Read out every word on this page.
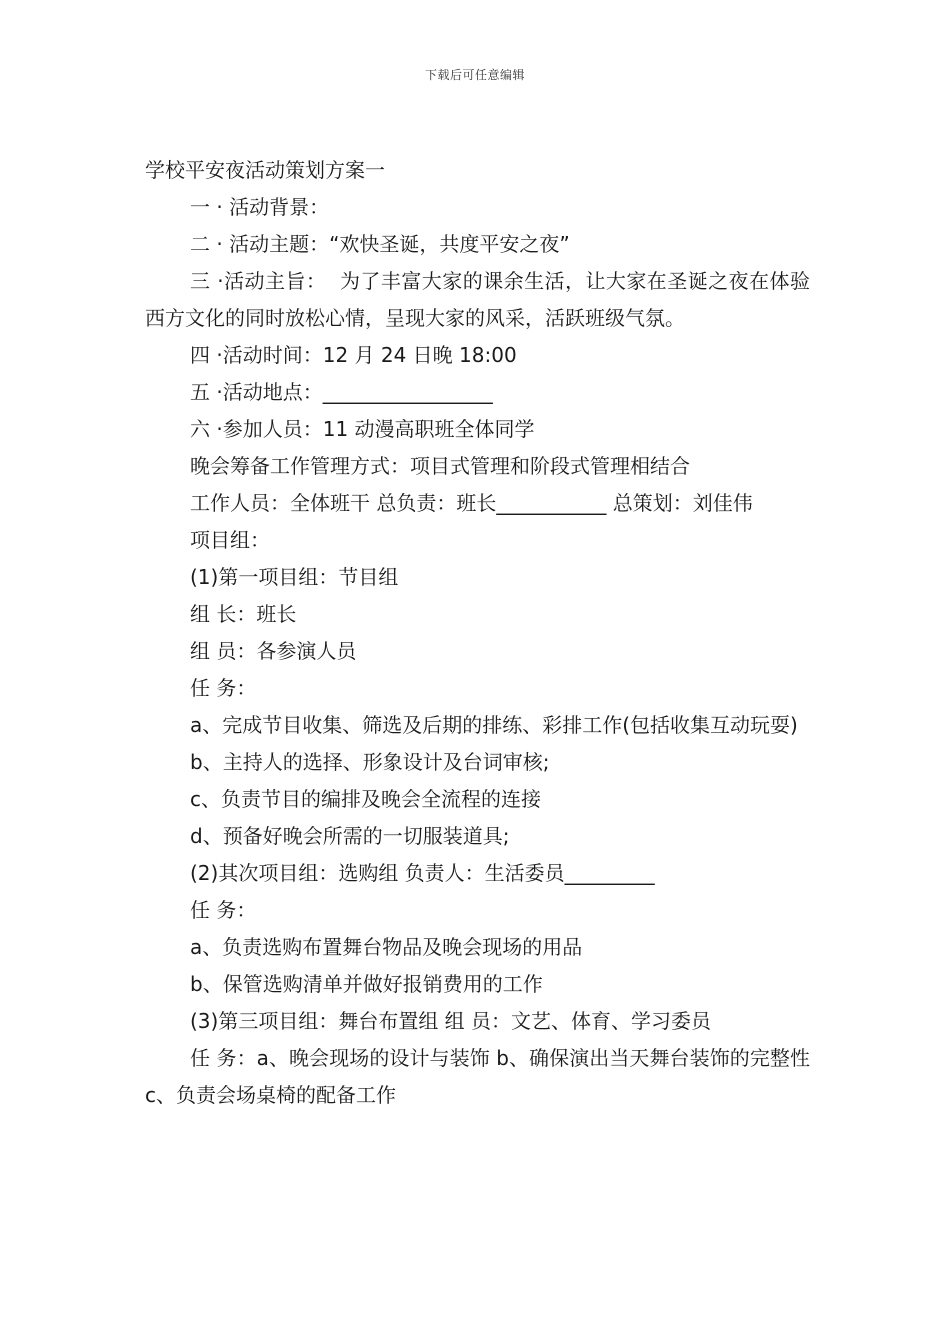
下载后可任意编辑

学校平安夜活动策划方案一

一 · 活动背景：

二 · 活动主题：“欢快圣诞，共度平安之夜”

三 ·活动主旨：  为了丰富大家的课余生活，让大家在圣诞之夜在体验西方文化的同时放松心情，呈现大家的风采，活跃班级气氛。

四 ·活动时间：12 月 24 日晚 18:00

五 ·活动地点：_________________

六 ·参加人员：11 动漫高职班全体同学

晚会筹备工作管理方式：项目式管理和阶段式管理相结合

工作人员：全体班干 总负责：班长___________ 总策划：刘佳伟

项目组：

(1)第一项目组：节目组

组 长：班长

组 员：各参演人员

任 务：

a、完成节目收集、筛选及后期的排练、彩排工作(包括收集互动玩耍)

b、主持人的选择、形象设计及台词审核;

c、负责节目的编排及晚会全流程的连接

d、预备好晚会所需的一切服装道具;

(2)其次项目组：选购组 负责人：生活委员_________

任 务：

a、负责选购布置舞台物品及晚会现场的用品

b、保管选购清单并做好报销费用的工作

(3)第三项目组：舞台布置组 组 员：文艺、体育、学习委员

任 务：a、晚会现场的设计与装饰 b、确保演出当天舞台装饰的完整性 c、负责会场桌椅的配备工作
